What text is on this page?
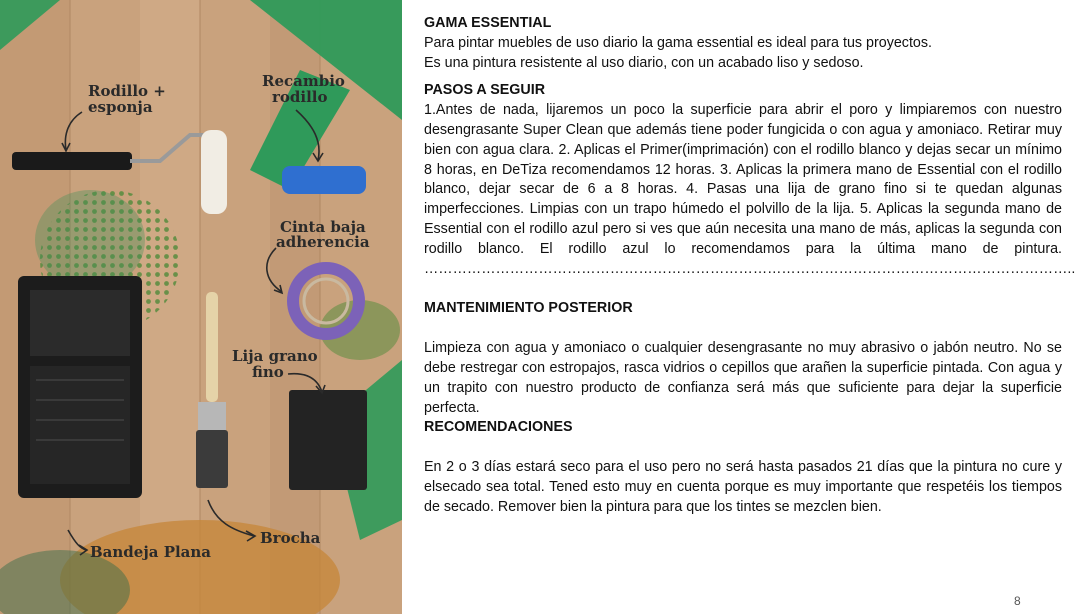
Rodillo +
esponja
Recambio
rodillo
Cinta baja
adherencia
Lija grano
fino
Bandeja Plana
Brocha
GAMA ESSENTIAL

Para pintar muebles de uso diario la gama essential es ideal para tus proyectos. Es una pintura resistente al uso diario, con un acabado liso y sedoso.

PASOS A SEGUIR

1.Antes de nada, lijaremos un poco la superficie para abrir el poro y limpiaremos con nuestro desengrasante Super Clean que además tiene poder fungicida o con agua y amoniaco. Retirar muy bien con agua clara. 2. Aplicas el Primer(imprimación) con el rodillo blanco y dejas secar un mínimo 8 horas, en DeTiza recomendamos 12 horas. 3. Aplicas la primera mano de Essential con el rodillo blanco, dejar secar de 6 a 8 horas. 4. Pasas una lija de grano fino si te quedan algunas imperfecciones. Limpias con un trapo húmedo el polvillo de la lija. 5. Aplicas la segunda mano de Essential con el rodillo azul pero si ves que aún necesita una mano de más, aplicas la segunda con rodillo blanco. El rodillo azul lo recomendamos para la última mano de pintura. ………………………………………………………………………………………………………………………..

MANTENIMIENTO POSTERIOR

Limpieza con agua y amoniaco o cualquier desengrasante no muy abrasivo o jabón neutro. No se debe restregar con estropajos, rasca vidrios o cepillos que arañen la superficie pintada. Con agua y un trapito con nuestro producto de confianza será más que suficiente para dejar la superficie perfecta.

RECOMENDACIONES

En 2 o 3 días estará seco para el uso pero no será hasta pasados 21 días que la pintura no cure y elsecado sea total. Tened esto muy en cuenta porque es muy importante que respetéis los tiempos de secado. Remover bien la pintura para que los tintes se mezclen bien.

8
